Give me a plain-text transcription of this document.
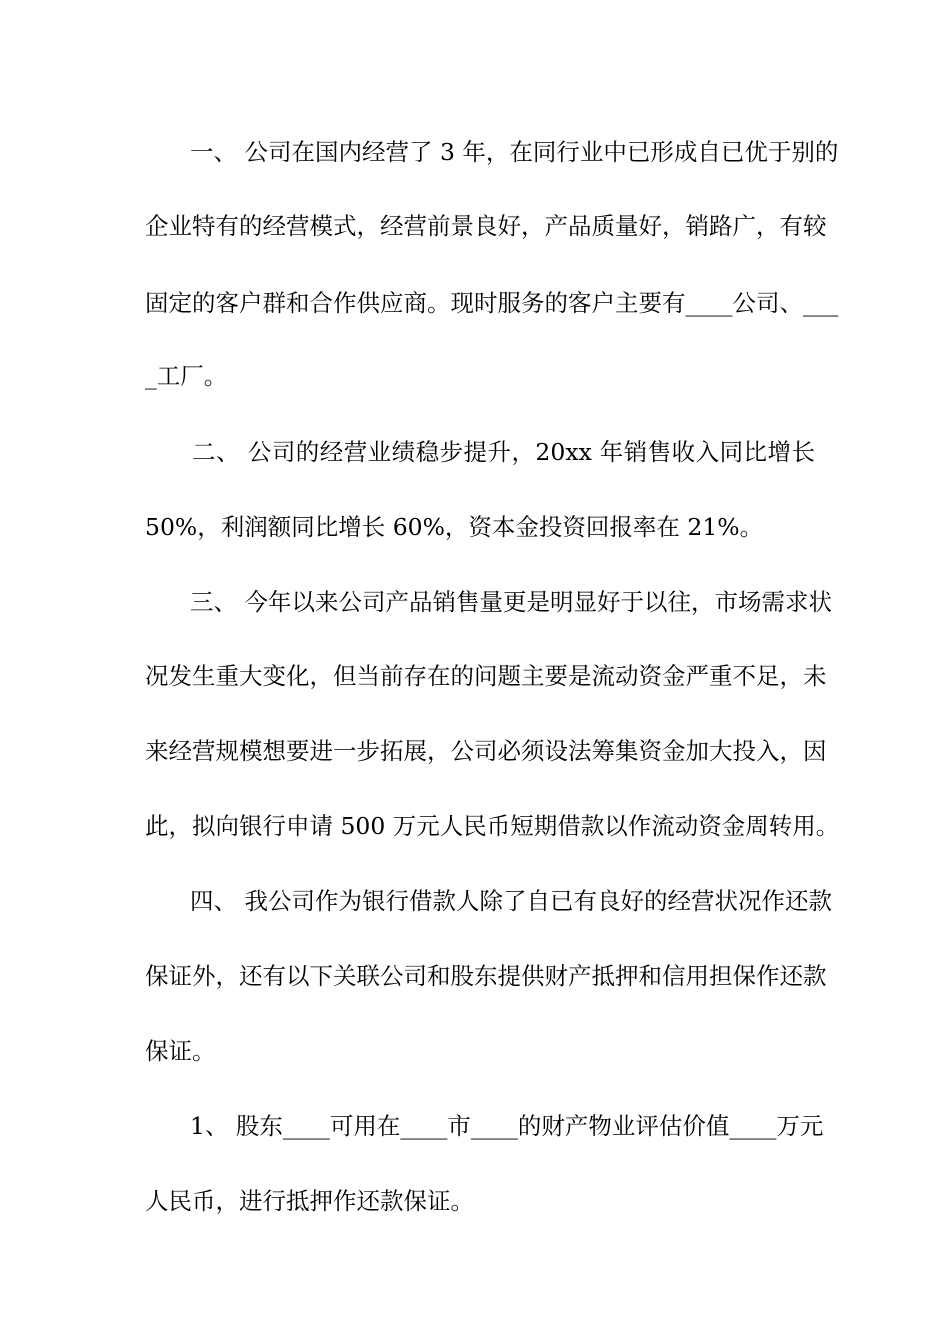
一、 公司在国内经营了 3 年，在同行业中已形成自已优于别的
企业特有的经营模式，经营前景良好，产品质量好，销路广，有较
固定的客户群和合作供应商。现时服务的客户主要有____公司、___
_工厂。
二、 公司的经营业绩稳步提升，20xx 年销售收入同比增长
50%，利润额同比增长 60%，资本金投资回报率在 21%。
三、 今年以来公司产品销售量更是明显好于以往，市场需求状
况发生重大变化，但当前存在的问题主要是流动资金严重不足，未
来经营规模想要进一步拓展，公司必须设法筹集资金加大投入，因
此，拟向银行申请 500 万元人民币短期借款以作流动资金周转用。
四、 我公司作为银行借款人除了自已有良好的经营状况作还款
保证外，还有以下关联公司和股东提供财产抵押和信用担保作还款
保证。
1、 股东____可用在____市____的财产物业评估价值____万元
人民币，进行抵押作还款保证。
